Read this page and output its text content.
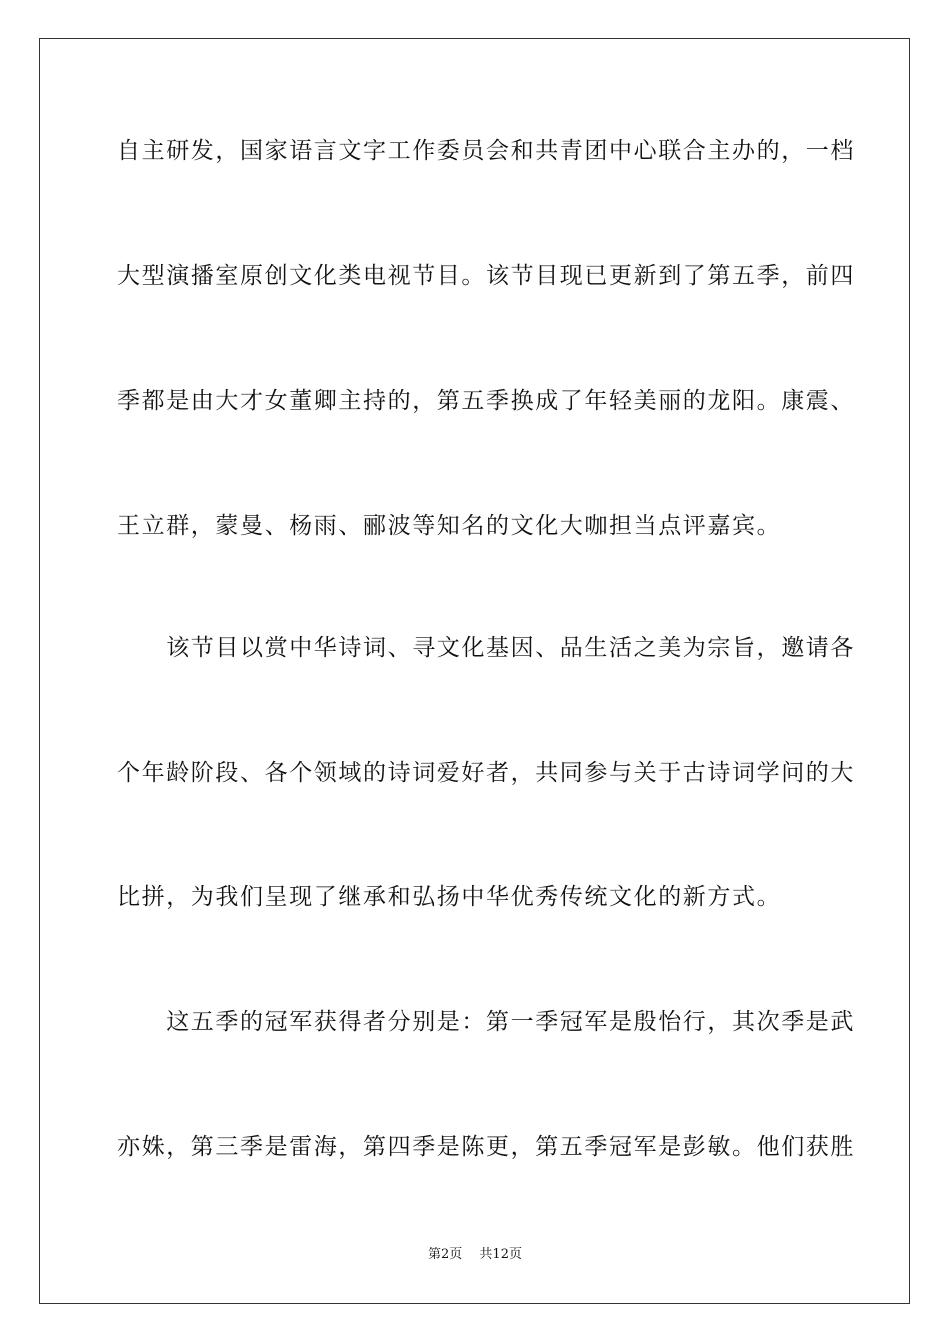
自主研发，国家语言文字工作委员会和共青团中心联合主办的，一档
大型演播室原创文化类电视节目。该节目现已更新到了第五季，前四
季都是由大才女董卿主持的，第五季换成了年轻美丽的龙阳。康震、
王立群，蒙曼、杨雨、郦波等知名的文化大咖担当点评嘉宾。
　　该节目以赏中华诗词、寻文化基因、品生活之美为宗旨，邀请各
个年龄阶段、各个领域的诗词爱好者，共同参与关于古诗词学问的大
比拼，为我们呈现了继承和弘扬中华优秀传统文化的新方式。
　　这五季的冠军获得者分别是：第一季冠军是殷怡行，其次季是武
亦姝，第三季是雷海，第四季是陈更，第五季冠军是彭敏。他们获胜
第2页　 共12页
